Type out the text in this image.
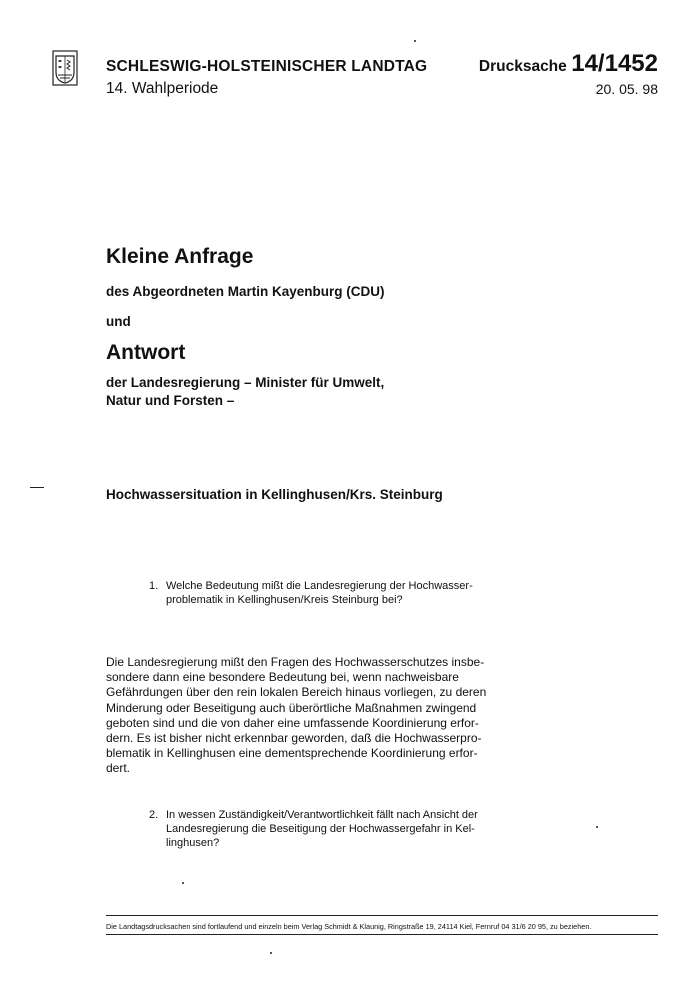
SCHLESWIG-HOLSTEINISCHER LANDTAG
14. Wahlperiode
Drucksache 14/1452
20. 05. 98
Kleine Anfrage
des Abgeordneten Martin Kayenburg (CDU)
und
Antwort
der Landesregierung – Minister für Umwelt,
Natur und Forsten –
Hochwassersituation in Kellinghusen/Krs. Steinburg
1. Welche Bedeutung mißt die Landesregierung der Hochwasser-
problematik in Kellinghusen/Kreis Steinburg bei?
Die Landesregierung mißt den Fragen des Hochwasserschutzes insbe-
sondere dann eine besondere Bedeutung bei, wenn nachweisbare
Gefährdungen über den rein lokalen Bereich hinaus vorliegen, zu deren
Minderung oder Beseitigung auch überörtliche Maßnahmen zwingend
geboten sind und die von daher eine umfassende Koordinierung erfor-
dern. Es ist bisher nicht erkennbar geworden, daß die Hochwasserpro-
blematik in Kellinghusen eine dementsprechende Koordinierung erfor-
dert.
2. In wessen Zuständigkeit/Verantwortlichkeit fällt nach Ansicht der
Landesregierung die Beseitigung der Hochwassergefahr in Kel-
linghusen?
Die Landtagsdrucksachen sind fortlaufend und einzeln beim Verlag Schmidt & Klaunig, Ringstraße 19, 24114 Kiel, Fernruf 04 31/6 20 95, zu beziehen.
